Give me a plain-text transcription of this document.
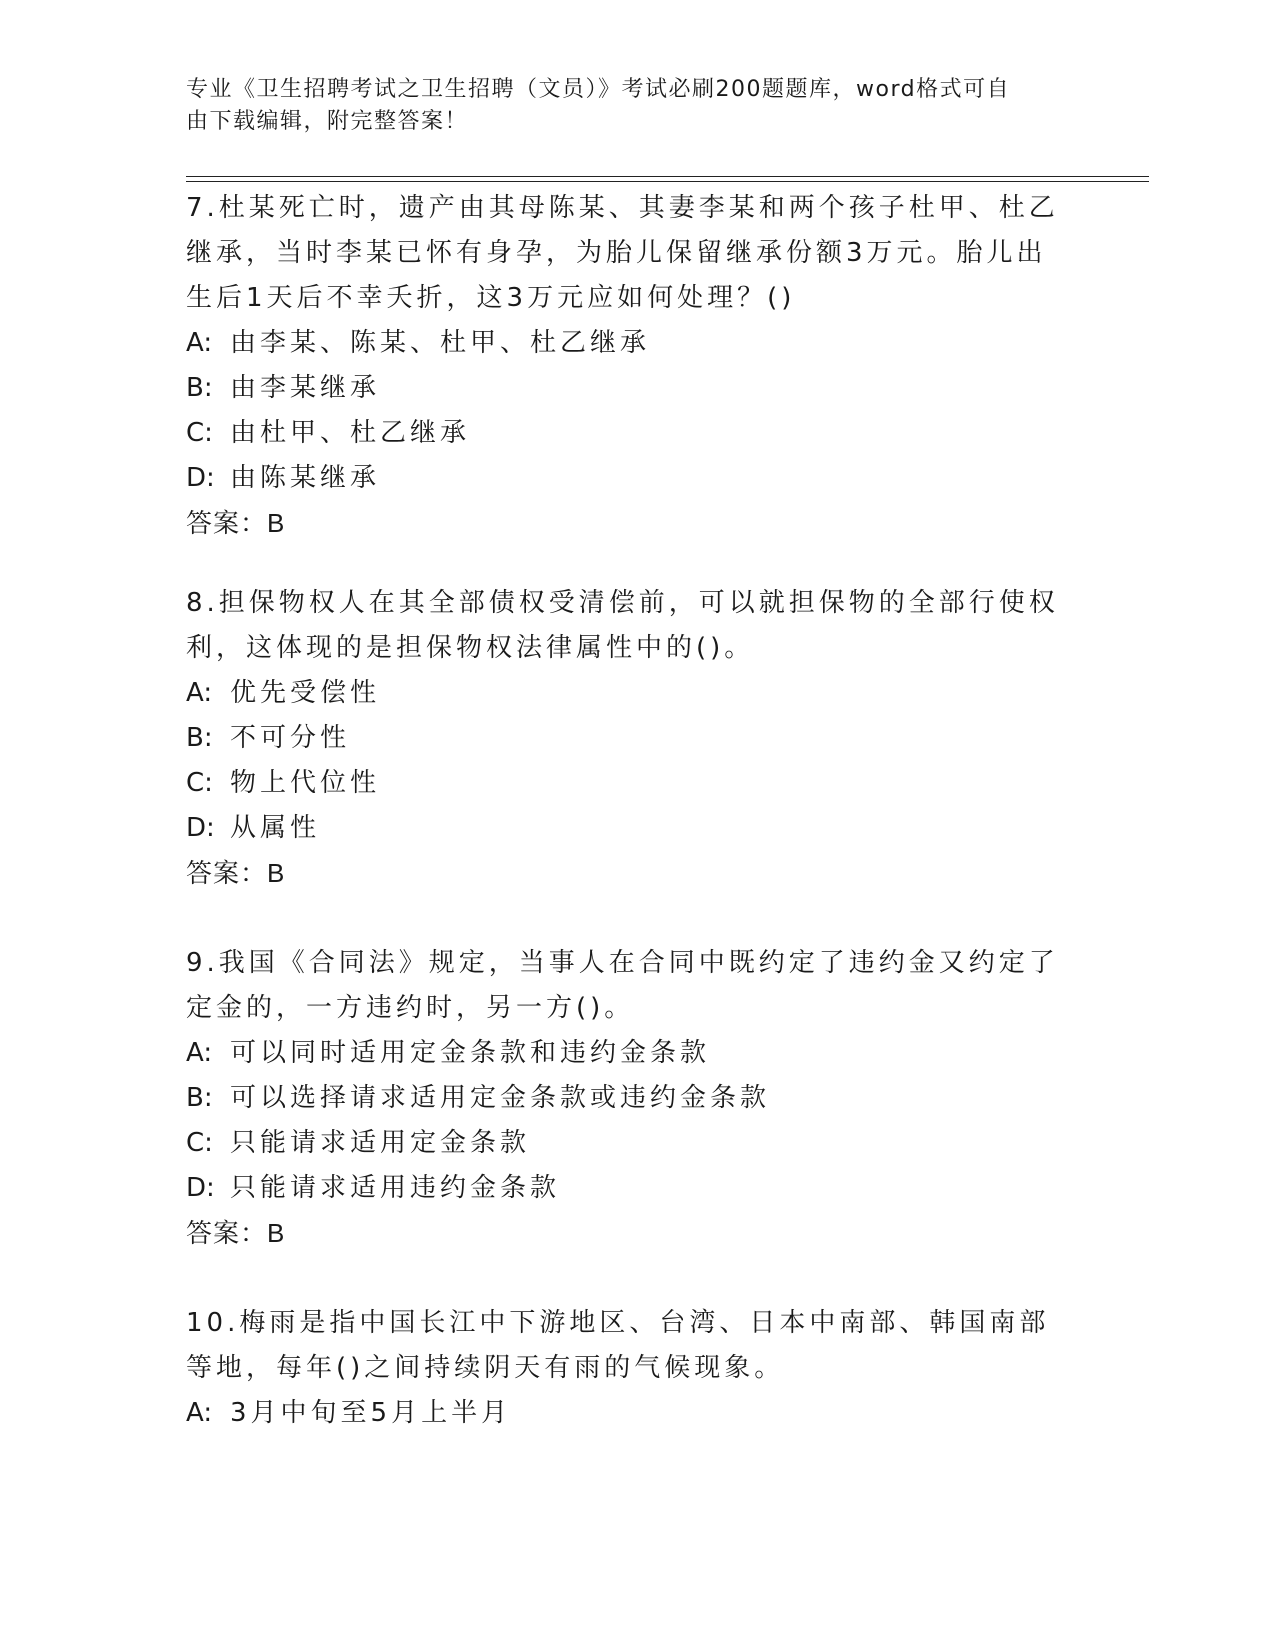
专业《卫生招聘考试之卫生招聘（文员）》考试必刷200题题库，word格式可自
由下载编辑，附完整答案！

7.杜某死亡时，遗产由其母陈某、其妻李某和两个孩子杜甲、杜乙继承，当时李某已怀有身孕，为胎儿保留继承份额3万元。胎儿出生后1天后不幸夭折，这3万元应如何处理？()

A: 由李某、陈某、杜甲、杜乙继承

B: 由李某继承

C: 由杜甲、杜乙继承

D: 由陈某继承

答案：B

8.担保物权人在其全部债权受清偿前，可以就担保物的全部行使权利，这体现的是担保物权法律属性中的()。

A: 优先受偿性

B: 不可分性

C: 物上代位性

D: 从属性

答案：B

9.我国《合同法》规定，当事人在合同中既约定了违约金又约定了定金的，一方违约时，另一方()。

A: 可以同时适用定金条款和违约金条款

B: 可以选择请求适用定金条款或违约金条款

C: 只能请求适用定金条款

D: 只能请求适用违约金条款

答案：B

10.梅雨是指中国长江中下游地区、台湾、日本中南部、韩国南部等地，每年()之间持续阴天有雨的气候现象。

A: 3月中旬至5月上半月
